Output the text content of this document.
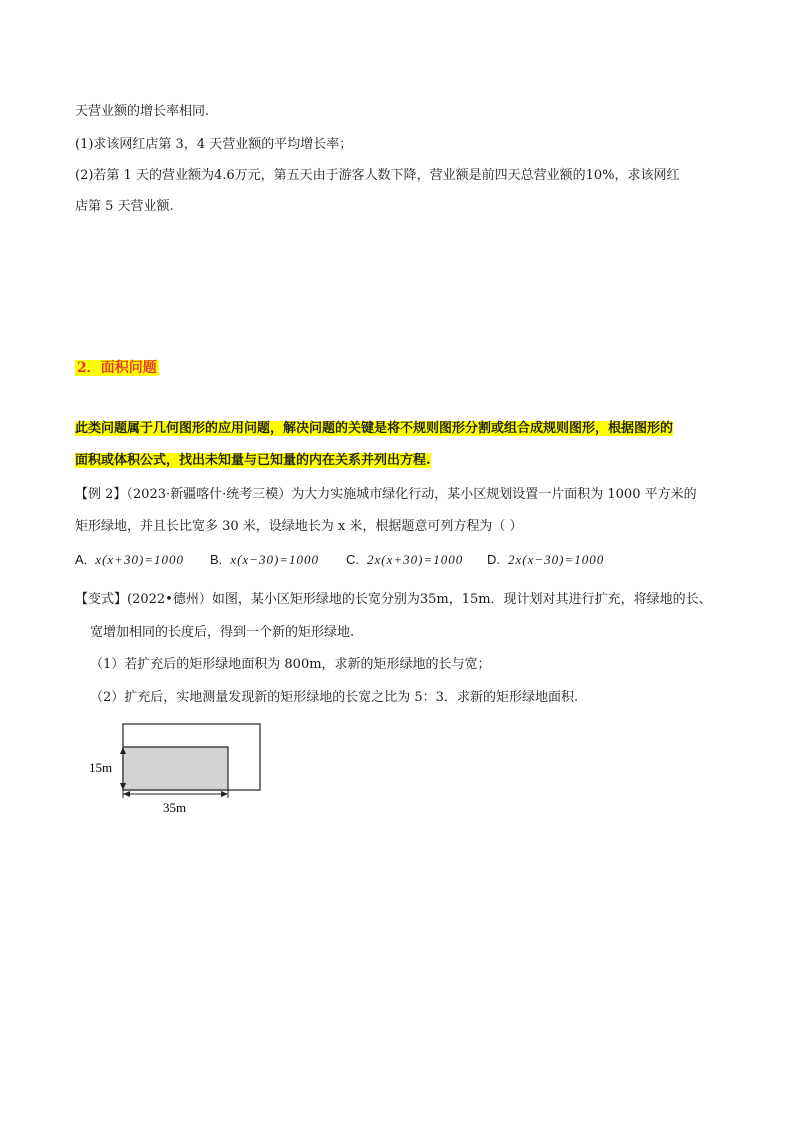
天营业额的增长率相同.
(1)求该网红店第 3，4 天营业额的平均增长率；
(2)若第 1 天的营业额为4.6万元，第五天由于游客人数下降，营业额是前四天总营业额的10%，求该网红
店第 5 天营业额.
2．面积问题
此类问题属于几何图形的应用问题，解决问题的关键是将不规则图形分割或组合成规则图形，根据图形的
面积或体积公式，找出未知量与已知量的内在关系并列出方程.
【例 2】（2023·新疆喀什·统考三模）为大力实施城市绿化行动，某小区规划设置一片面积为 1000 平方米的
矩形绿地，并且长比宽多 30 米，设绿地长为 x 米，根据题意可列方程为（ ）
A. x(x+30)=1000 B. x(x−30)=1000 C. 2x(x+30)=1000 D. 2x(x−30)=1000
【变式】(2022•德州）如图，某小区矩形绿地的长宽分别为35m，15m．现计划对其进行扩充，将绿地的长、
宽增加相同的长度后，得到一个新的矩形绿地.
（1）若扩充后的矩形绿地面积为 800m，求新的矩形绿地的长与宽；
（2）扩充后，实地测量发现新的矩形绿地的长宽之比为 5：3．求新的矩形绿地面积.
15m
35m
